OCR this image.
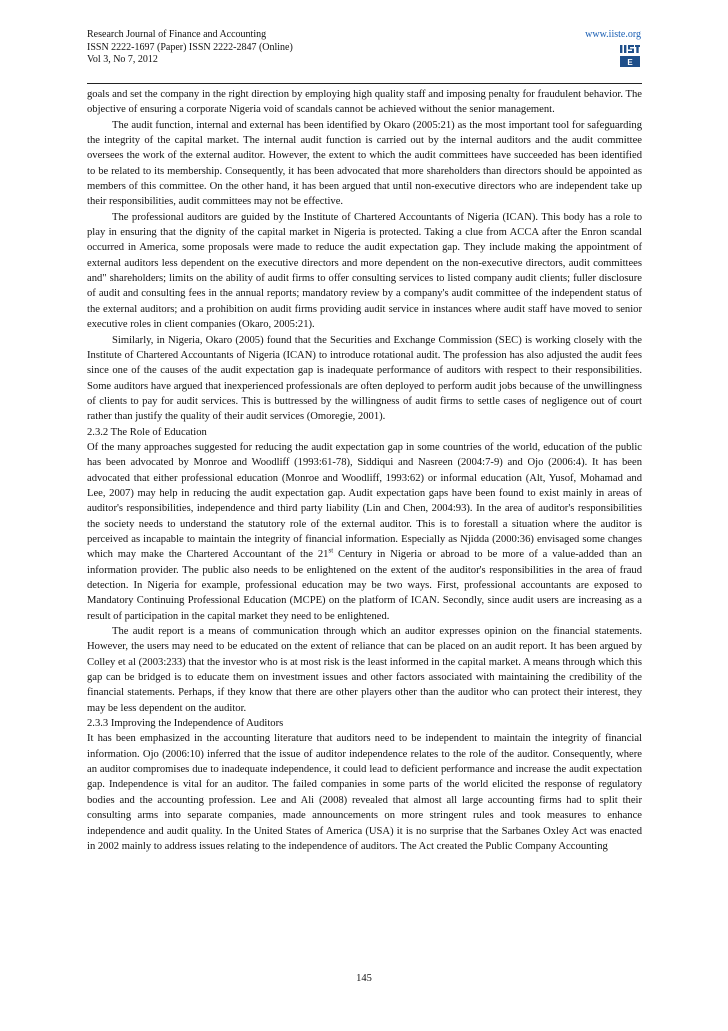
Research Journal of Finance and Accounting
ISSN 2222-1697 (Paper) ISSN 2222-2847 (Online)
Vol 3, No 7, 2012
www.iiste.org
E

goals and set the company in the right direction by employing high quality staff and imposing penalty for fraudulent behavior. The objective of ensuring a corporate Nigeria void of scandals cannot be achieved without the senior management.

The audit function, internal and external has been identified by Okaro (2005:21) as the most important tool for safeguarding the integrity of the capital market. The internal audit function is carried out by the internal auditors and the audit committee oversees the work of the external auditor. However, the extent to which the audit committees have succeeded has been identified to be related to its membership. Consequently, it has been advocated that more shareholders than directors should be appointed as members of this committee. On the other hand, it has been argued that until non-executive directors who are independent take up their responsibilities, audit committees may not be effective.

The professional auditors are guided by the Institute of Chartered Accountants of Nigeria (ICAN). This body has a role to play in ensuring that the dignity of the capital market in Nigeria is protected. Taking a clue from ACCA after the Enron scandal occurred in America, some proposals were made to reduce the audit expectation gap. They include making the appointment of external auditors less dependent on the executive directors and more dependent on the non-executive directors, audit committees and" shareholders; limits on the ability of audit firms to offer consulting services to listed company audit clients; fuller disclosure of audit and consulting fees in the annual reports; mandatory review by a company's audit committee of the independent status of the external auditors; and a prohibition on audit firms providing audit service in instances where audit staff have moved to senior executive roles in client companies (Okaro, 2005:21).

Similarly, in Nigeria, Okaro (2005) found that the Securities and Exchange Commission (SEC) is working closely with the Institute of Chartered Accountants of Nigeria (ICAN) to introduce rotational audit. The profession has also adjusted the audit fees since one of the causes of the audit expectation gap is inadequate performance of auditors with respect to their responsibilities. Some auditors have argued that inexperienced professionals are often deployed to perform audit jobs because of the unwillingness of clients to pay for audit services. This is buttressed by the willingness of audit firms to settle cases of negligence out of court rather than justify the quality of their audit services (Omoregie, 2001).

2.3.2 The Role of Education

Of the many approaches suggested for reducing the audit expectation gap in some countries of the world, education of the public has been advocated by Monroe and Woodliff (1993:61-78), Siddiqui and Nasreen (2004:7-9) and Ojo (2006:4). It has been advocated that either professional education (Monroe and Woodliff, 1993:62) or informal education (Alt, Yusof, Mohamad and Lee, 2007) may help in reducing the audit expectation gap. Audit expectation gaps have been found to exist mainly in areas of auditor's responsibilities, independence and third party liability (Lin and Chen, 2004:93). In the area of auditor's responsibilities the society needs to understand the statutory role of the external auditor. This is to forestall a situation where the auditor is perceived as incapable to maintain the integrity of financial information. Especially as Njidda (2000:36) envisaged some changes which may make the Chartered Accountant of the 21st Century in Nigeria or abroad to be more of a value-added than an information provider. The public also needs to be enlightened on the extent of the auditor's responsibilities in the area of fraud detection. In Nigeria for example, professional education may be two ways. First, professional accountants are exposed to Mandatory Continuing Professional Education (MCPE) on the platform of ICAN. Secondly, since audit users are increasing as a result of participation in the capital market they need to be enlightened.

The audit report is a means of communication through which an auditor expresses opinion on the financial statements. However, the users may need to be educated on the extent of reliance that can be placed on an audit report. It has been argued by Colley et al (2003:233) that the investor who is at most risk is the least informed in the capital market. A means through which this gap can be bridged is to educate them on investment issues and other factors associated with maintaining the credibility of the financial statements. Perhaps, if they know that there are other players other than the auditor who can protect their interest, they may be less dependent on the auditor.

2.3.3 Improving the Independence of Auditors

It has been emphasized in the accounting literature that auditors need to be independent to maintain the integrity of financial information. Ojo (2006:10) inferred that the issue of auditor independence relates to the role of the auditor. Consequently, where an auditor compromises due to inadequate independence, it could lead to deficient performance and increase the audit expectation gap. Independence is vital for an auditor. The failed companies in some parts of the world elicited the response of regulatory bodies and the accounting profession. Lee and Ali (2008) revealed that almost all large accounting firms had to split their consulting arms into separate companies, made announcements on more stringent rules and took measures to enhance independence and audit quality. In the United States of America (USA) it is no surprise that the Sarbanes Oxley Act was enacted in 2002 mainly to address issues relating to the independence of auditors. The Act created the Public Company Accounting

145
